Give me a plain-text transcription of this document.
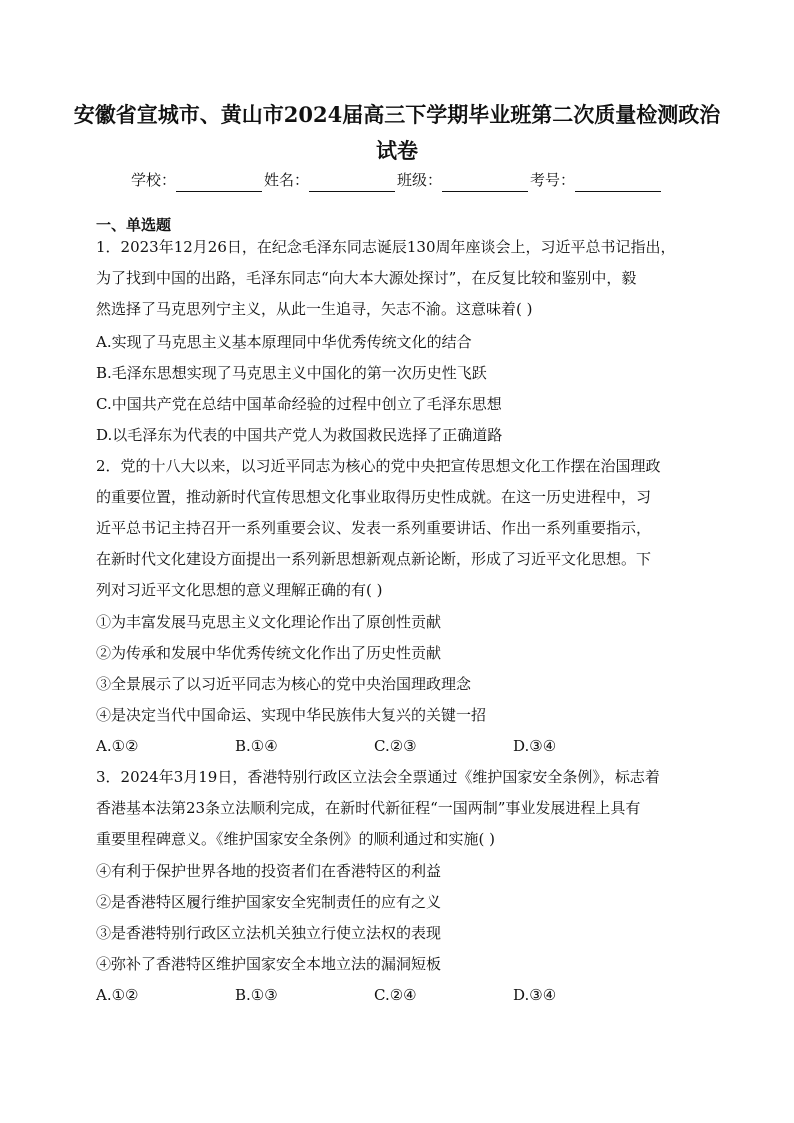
安徽省宣城市、黄山市2024届高三下学期毕业班第二次质量检测政治
试卷
学校：	姓名：	班级：	考号：
一、单选题
1．2023年12月26日，在纪念毛泽东同志诞辰130周年座谈会上，习近平总书记指出，
为了找到中国的出路，毛泽东同志“向大本大源处探讨”，在反复比较和鉴别中，毅
然选择了马克思列宁主义，从此一生追寻，矢志不渝。这意味着( )
A.实现了马克思主义基本原理同中华优秀传统文化的结合
B.毛泽东思想实现了马克思主义中国化的第一次历史性飞跃
C.中国共产党在总结中国革命经验的过程中创立了毛泽东思想
D.以毛泽东为代表的中国共产党人为救国救民选择了正确道路
2．党的十八大以来，以习近平同志为核心的党中央把宣传思想文化工作摆在治国理政
的重要位置，推动新时代宣传思想文化事业取得历史性成就。在这一历史进程中，习
近平总书记主持召开一系列重要会议、发表一系列重要讲话、作出一系列重要指示，
在新时代文化建设方面提出一系列新思想新观点新论断，形成了习近平文化思想。下
列对习近平文化思想的意义理解正确的有( )
①为丰富发展马克思主义文化理论作出了原创性贡献
②为传承和发展中华优秀传统文化作出了历史性贡献
③全景展示了以习近平同志为核心的党中央治国理政理念
④是决定当代中国命运、实现中华民族伟大复兴的关键一招
A.①②	B.①④	C.②③	D.③④
3．2024年3月19日，香港特别行政区立法会全票通过《维护国家安全条例》，标志着
香港基本法第23条立法顺利完成，在新时代新征程“一国两制”事业发展进程上具有
重要里程碑意义。《维护国家安全条例》的顺利通过和实施( )
④有利于保护世界各地的投资者们在香港特区的利益
②是香港特区履行维护国家安全宪制责任的应有之义
③是香港特别行政区立法机关独立行使立法权的表现
④弥补了香港特区维护国家安全本地立法的漏洞短板
A.①②	B.①③	C.②④	D.③④
